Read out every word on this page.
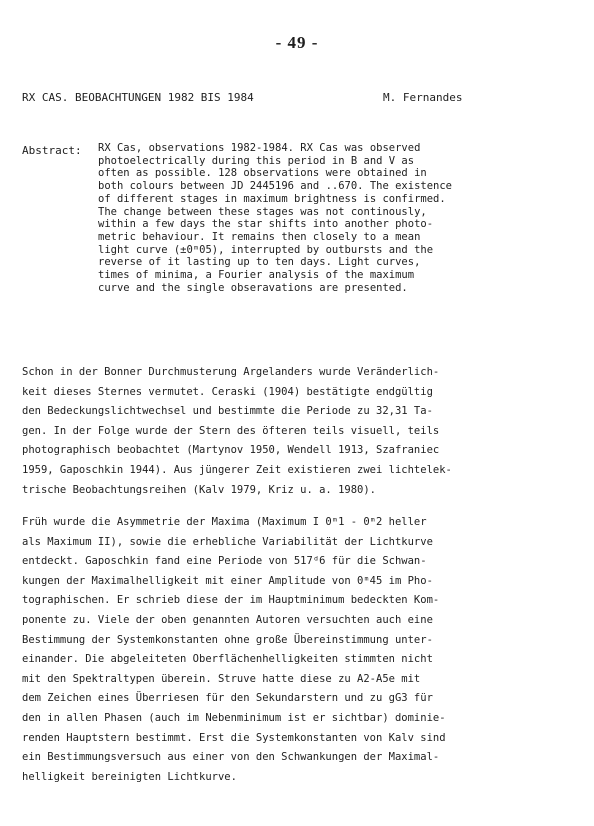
- 49 -
RX CAS. BEOBACHTUNGEN 1982 BIS 1984	M. Fernandes
Abstract: RX Cas, observations 1982-1984. RX Cas was observed
photoelectrically during this period in B and V as
often as possible. 128 observations were obtained in
both colours between JD 2445196 and ..670. The existence
of different stages in maximum brightness is confirmed.
The change between these stages was not continously,
within a few days the star shifts into another photo-
metric behaviour. It remains then closely to a mean
light curve (±0ᵐ05), interrupted by outbursts and the
reverse of it lasting up to ten days. Light curves,
times of minima, a Fourier analysis of the maximum
curve and the single obseravations are presented.
Schon in der Bonner Durchmusterung Argelanders wurde Veränderlich-
keit dieses Sternes vermutet. Ceraski (1904) bestätigte endgültig
den Bedeckungslichtwechsel und bestimmte die Periode zu 32,31 Ta-
gen. In der Folge wurde der Stern des öfteren teils visuell, teils
photographisch beobachtet (Martynov 1950, Wendell 1913, Szafraniec
1959, Gaposchkin 1944). Aus jüngerer Zeit existieren zwei lichtelek-
trische Beobachtungsreihen (Kalv 1979, Kriz u. a. 1980).
Früh wurde die Asymmetrie der Maxima (Maximum I 0ᵐ1 - 0ᵐ2 heller
als Maximum II), sowie die erhebliche Variabilität der Lichtkurve
entdeckt. Gaposchkin fand eine Periode von 517ᵈ6 für die Schwan-
kungen der Maximalhelligkeit mit einer Amplitude von 0ᵐ45 im Pho-
tographischen. Er schrieb diese der im Hauptminimum bedeckten Kom-
ponente zu. Viele der oben genannten Autoren versuchten auch eine
Bestimmung der Systemkonstanten ohne große Übereinstimmung unter-
einander. Die abgeleiteten Oberflächenhelligkeiten stimmten nicht
mit den Spektraltypen überein. Struve hatte diese zu A2-A5e mit
dem Zeichen eines Überriesen für den Sekundarstern und zu gG3 für
den in allen Phasen (auch im Nebenminimum ist er sichtbar) dominie-
renden Hauptstern bestimmt. Erst die Systemkonstanten von Kalv sind
ein Bestimmungsversuch aus einer von den Schwankungen der Maximal-
helligkeit bereinigten Lichtkurve.
